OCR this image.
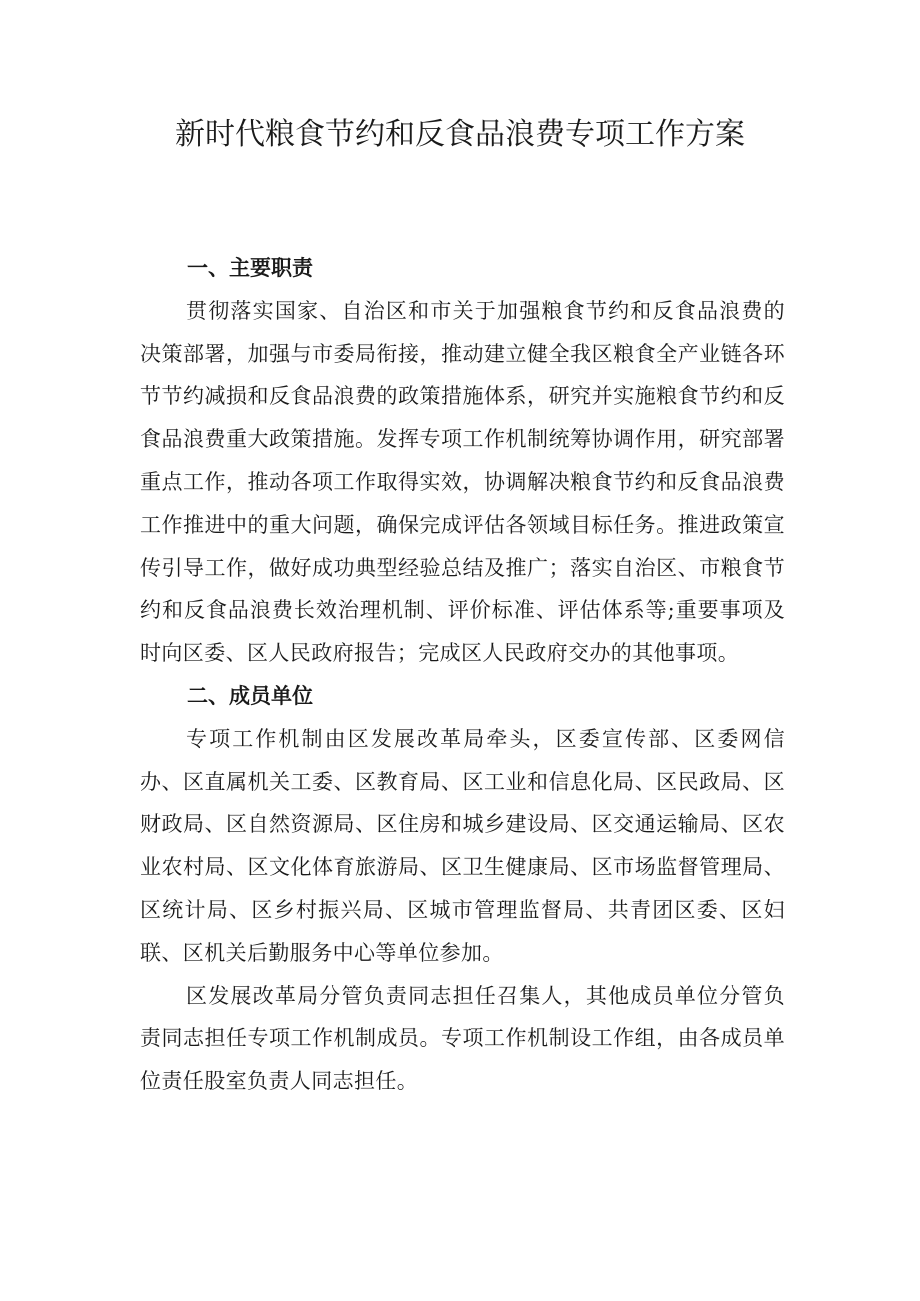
新时代粮食节约和反食品浪费专项工作方案
一、主要职责

贯彻落实国家、自治区和市关于加强粮食节约和反食品浪费的决策部署，加强与市委局衔接，推动建立健全我区粮食全产业链各环节节约减损和反食品浪费的政策措施体系，研究并实施粮食节约和反食品浪费重大政策措施。发挥专项工作机制统筹协调作用，研究部署重点工作，推动各项工作取得实效，协调解决粮食节约和反食品浪费工作推进中的重大问题，确保完成评估各领域目标任务。推进政策宣传引导工作，做好成功典型经验总结及推广；落实自治区、市粮食节约和反食品浪费长效治理机制、评价标准、评估体系等;重要事项及时向区委、区人民政府报告；完成区人民政府交办的其他事项。

二、成员单位

专项工作机制由区发展改革局牵头，区委宣传部、区委网信办、区直属机关工委、区教育局、区工业和信息化局、区民政局、区财政局、区自然资源局、区住房和城乡建设局、区交通运输局、区农业农村局、区文化体育旅游局、区卫生健康局、区市场监督管理局、区统计局、区乡村振兴局、区城市管理监督局、共青团区委、区妇联、区机关后勤服务中心等单位参加。

区发展改革局分管负责同志担任召集人，其他成员单位分管负责同志担任专项工作机制成员。专项工作机制设工作组，由各成员单位责任股室负责人同志担任。
